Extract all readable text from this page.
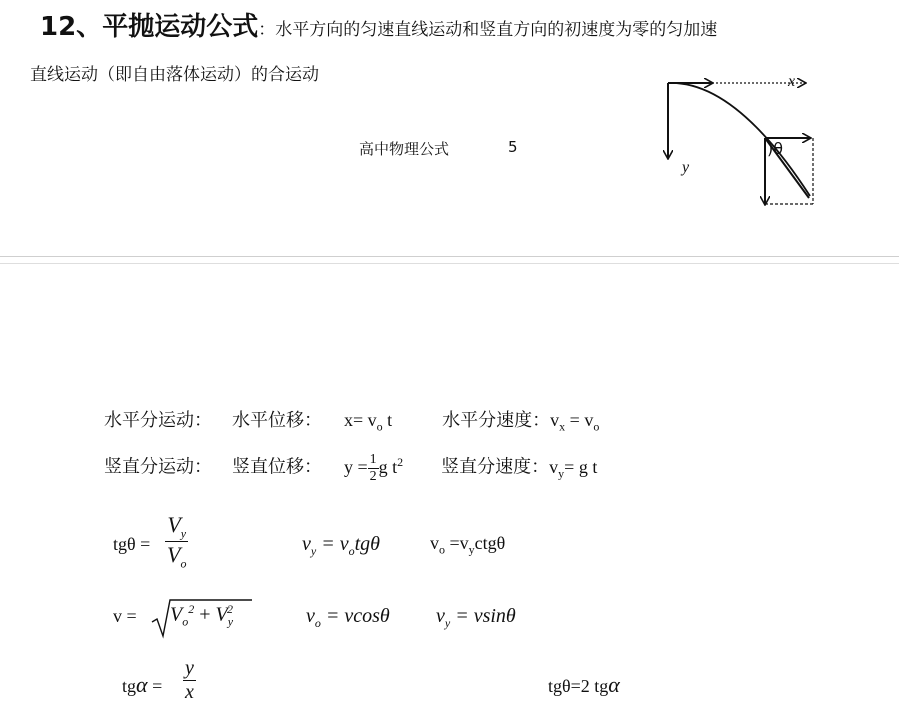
12、平抛运动公式：水平方向的匀速直线运动和竖直方向的初速度为零的匀加速
直线运动（即自由落体运动）的合运动
高中物理公式	5
x
y
)θ
水平分运动： 水平位移： $x= v_o$ t	水平分速度：$v_x = v_o$
竖直分运动： 竖直位移： $y = \frac{1}{2}$ g $t^2$ 竖直分速度：$v_y= g$ t
$tg\theta = \frac{V_y}{V_o}$	$v_y = v_otg\theta$	$v_o =v_yctg\theta$
$v = V_o^2 + V_y^2$	$v_o = vcos\theta$ $v_y = vsin\theta$
$tg\alpha = \frac{y}{x}$	tgθ=2 tgα
